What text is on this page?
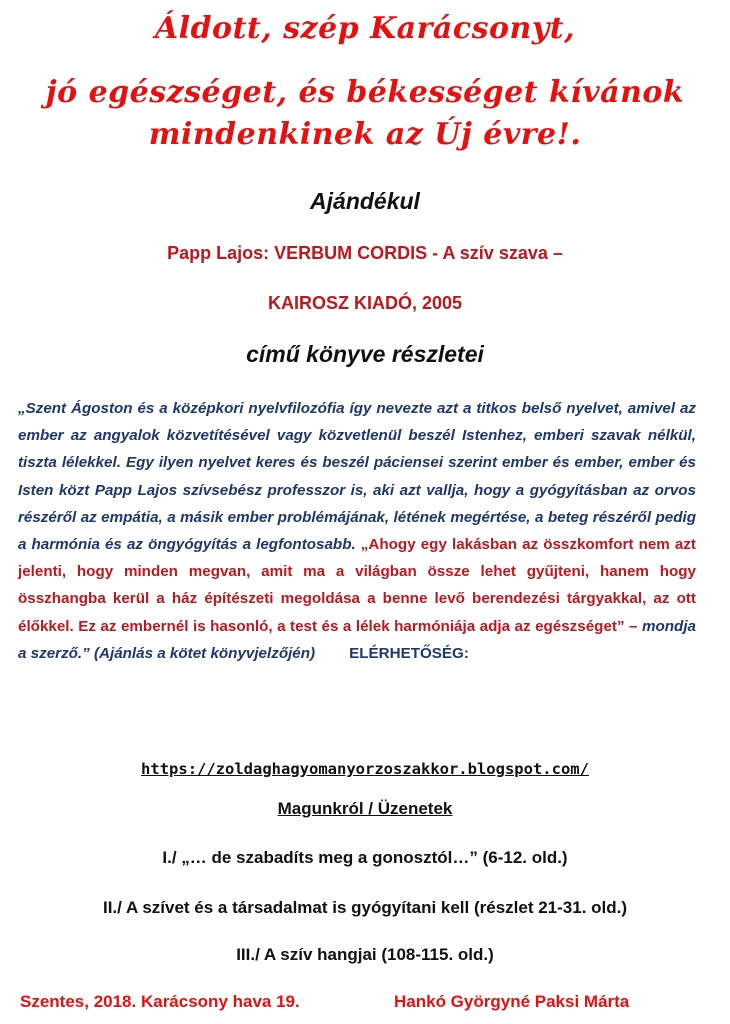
Áldott, szép Karácsonyt,
jó egészséget, és békességet kívánok
mindenkinek az Új évre!.
Ajándékul
Papp Lajos: VERBUM CORDIS - A szív szava –
KAIROSZ KIADÓ, 2005
című könyve részletei

„Szent Ágoston és a középkori nyelvfilozófia így nevezte azt a titkos belső nyelvet, amivel az ember az angyalok közvetítésével vagy közvetlenül beszél Istenhez, emberi szavak nélkül, tiszta lélekkel. Egy ilyen nyelvet keres és beszél páciensei szerint ember és ember, ember és Isten közt Papp Lajos szívsebész professzor is, aki azt vallja, hogy a gyógyításban az orvos részéről az empátia, a másik ember problémájának, létének megértése, a beteg részéről pedig a harmónia és az öngyógyítás a legfontosabb. „Ahogy egy lakásban az összkomfort nem azt jelenti, hogy minden megvan, amit ma a világban össze lehet gyűjteni, hanem hogy összhangba kerül a ház építészeti megoldása a benne levő berendezési tárgyakkal, az ott élőkkel. Ez az embernél is hasonló, a test és a lélek harmóniája adja az egészséget” – mondja a szerző.” (Ajánlás a kötet könyvjelzőjén) ELÉRHETŐSÉG:

https://zoldaghagyomanyorzoszakkor.blogspot.com/
Magunkról / Üzenetek
I./ „… de szabadíts meg a gonosztól…” (6-12. old.)
II./ A szívet és a társadalmat is gyógyítani kell (részlet 21-31. old.)
III./ A szív hangjai (108-115. old.)
Szentes, 2018. Karácsony hava 19.	Hankó Györgyné Paksi Márta
